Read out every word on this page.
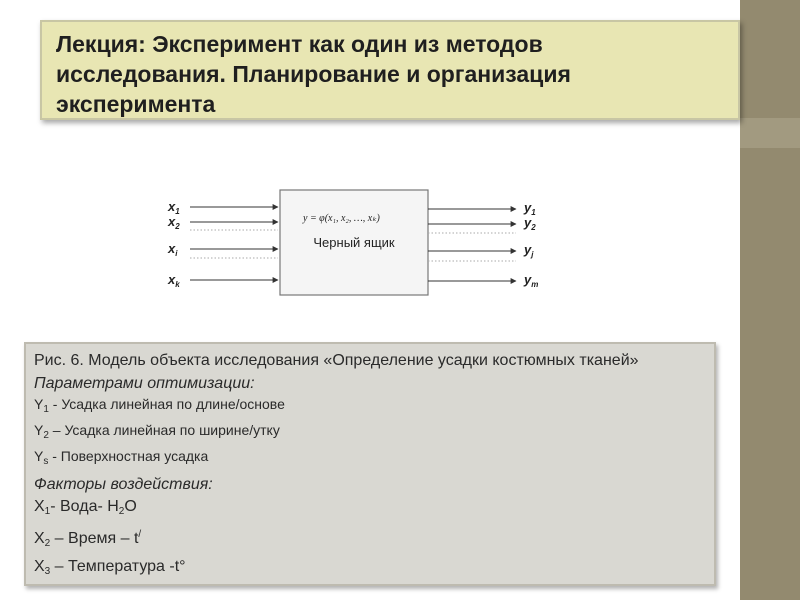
Лекция: Эксперимент как один из методов
исследования. Планирование и организация
эксперимента

y = φ(x₁, x₂, …, xₖ)
Черный ящик
$x_1$
$x_2$
$x_i$
$x_k$
$y_1$
$y_2$
$y_j$
$y_m$

Рис. 6. Модель объекта исследования «Определение усадки костюмных тканей»

Параметрами оптимизации:

$Y_1$ - Усадка линейная по длине/основе

$Y_2$ – Усадка линейная по ширине/утку

$Y_s$ - Поверхностная усадка

Факторы воздействия:

$X_1-$ Вода- $H_2O$

$X_2$ – Время – t/

$X_3$ – Температура -t°
